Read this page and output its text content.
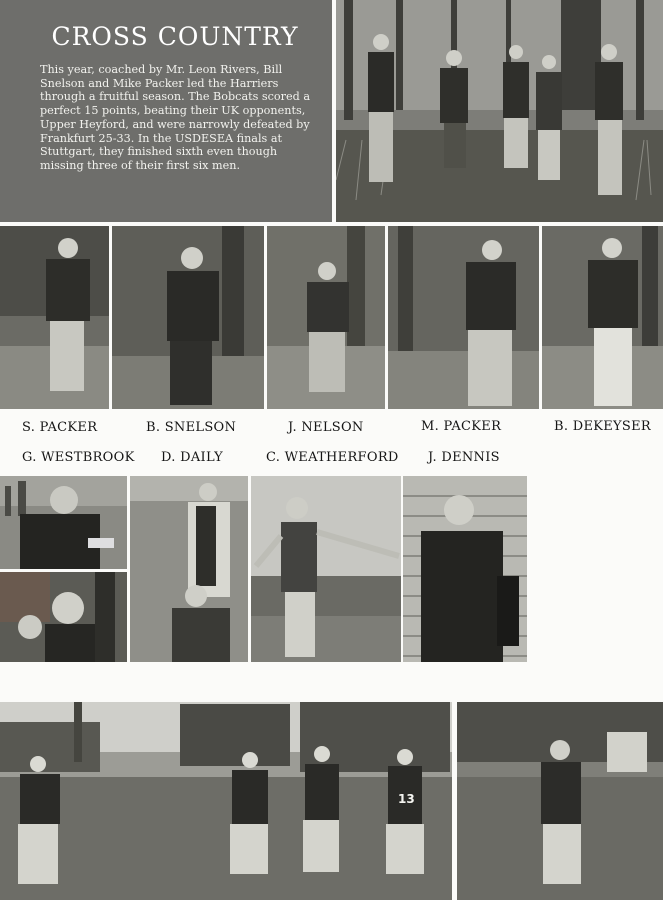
CROSS COUNTRY
This year, coached by Mr. Leon Rivers, Bill Snelson and Mike Packer led the Harriers through a fruitful season. The Bobcats scored a perfect 15 points, beating their UK opponents, Upper Heyford, and were narrowly defeated by Frankfurt 25-33. In the USDESEA finals at Stuttgart, they finished sixth even though missing three of their first six men.
S. PACKER	B. SNELSON	J. NELSON	M. PACKER	B. DEKEYSER
G. WESTBROOK D. DAILY	C. WEATHERFORD J. DENNIS
13
